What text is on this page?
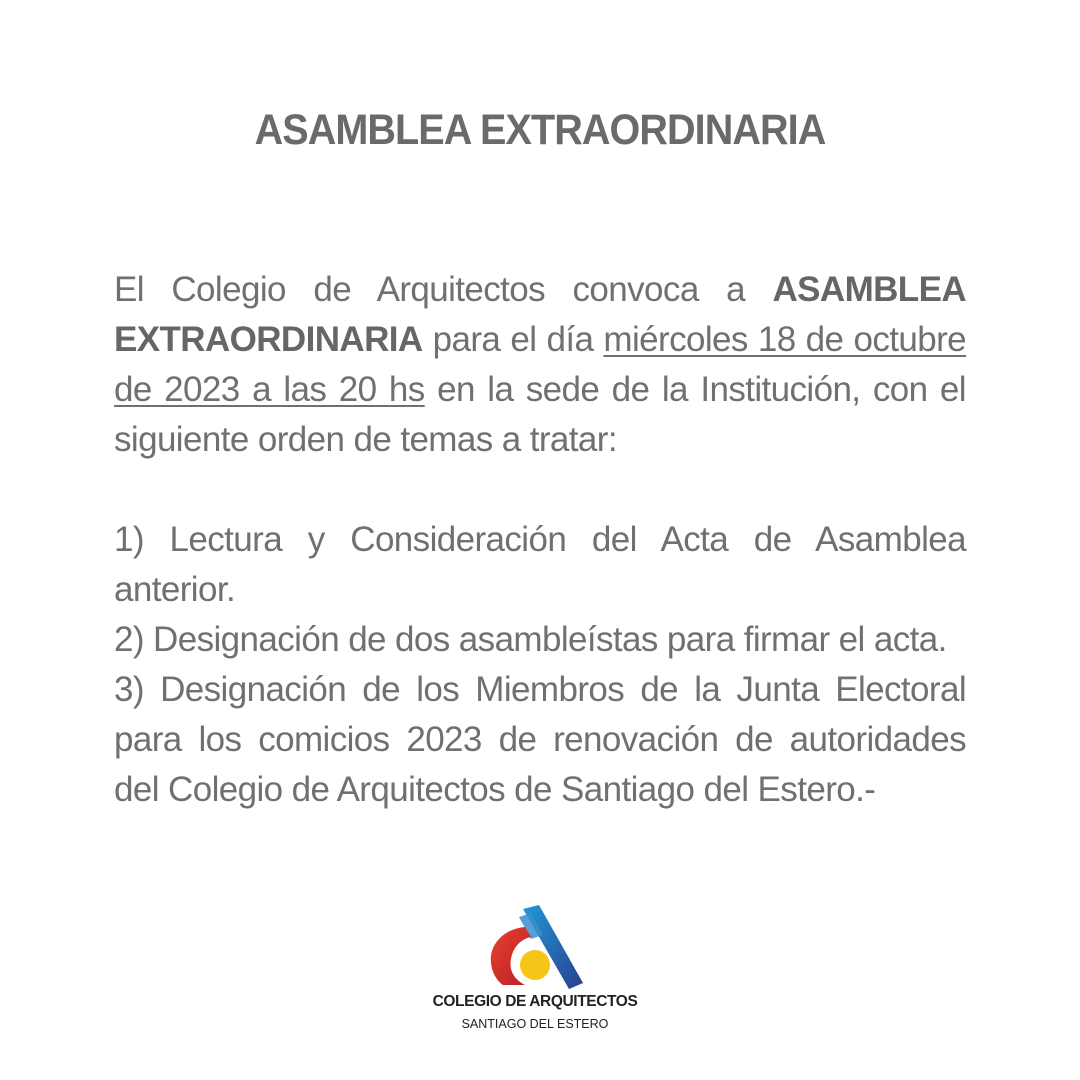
ASAMBLEA EXTRAORDINARIA

El Colegio de Arquitectos convoca a ASAMBLEA EXTRAORDINARIA para el día miércoles 18 de octubre de 2023 a las 20 hs en la sede de la Institución, con el siguiente orden de temas a tratar:

1) Lectura y Consideración del Acta de Asamblea anterior.

2) Designación de dos asambleístas para firmar el acta.

3) Designación de los Miembros de la Junta Electoral para los comicios 2023 de renovación de autoridades del Colegio de Arquitectos de Santiago del Estero.-

COLEGIO DE ARQUITECTOS
SANTIAGO DEL ESTERO
